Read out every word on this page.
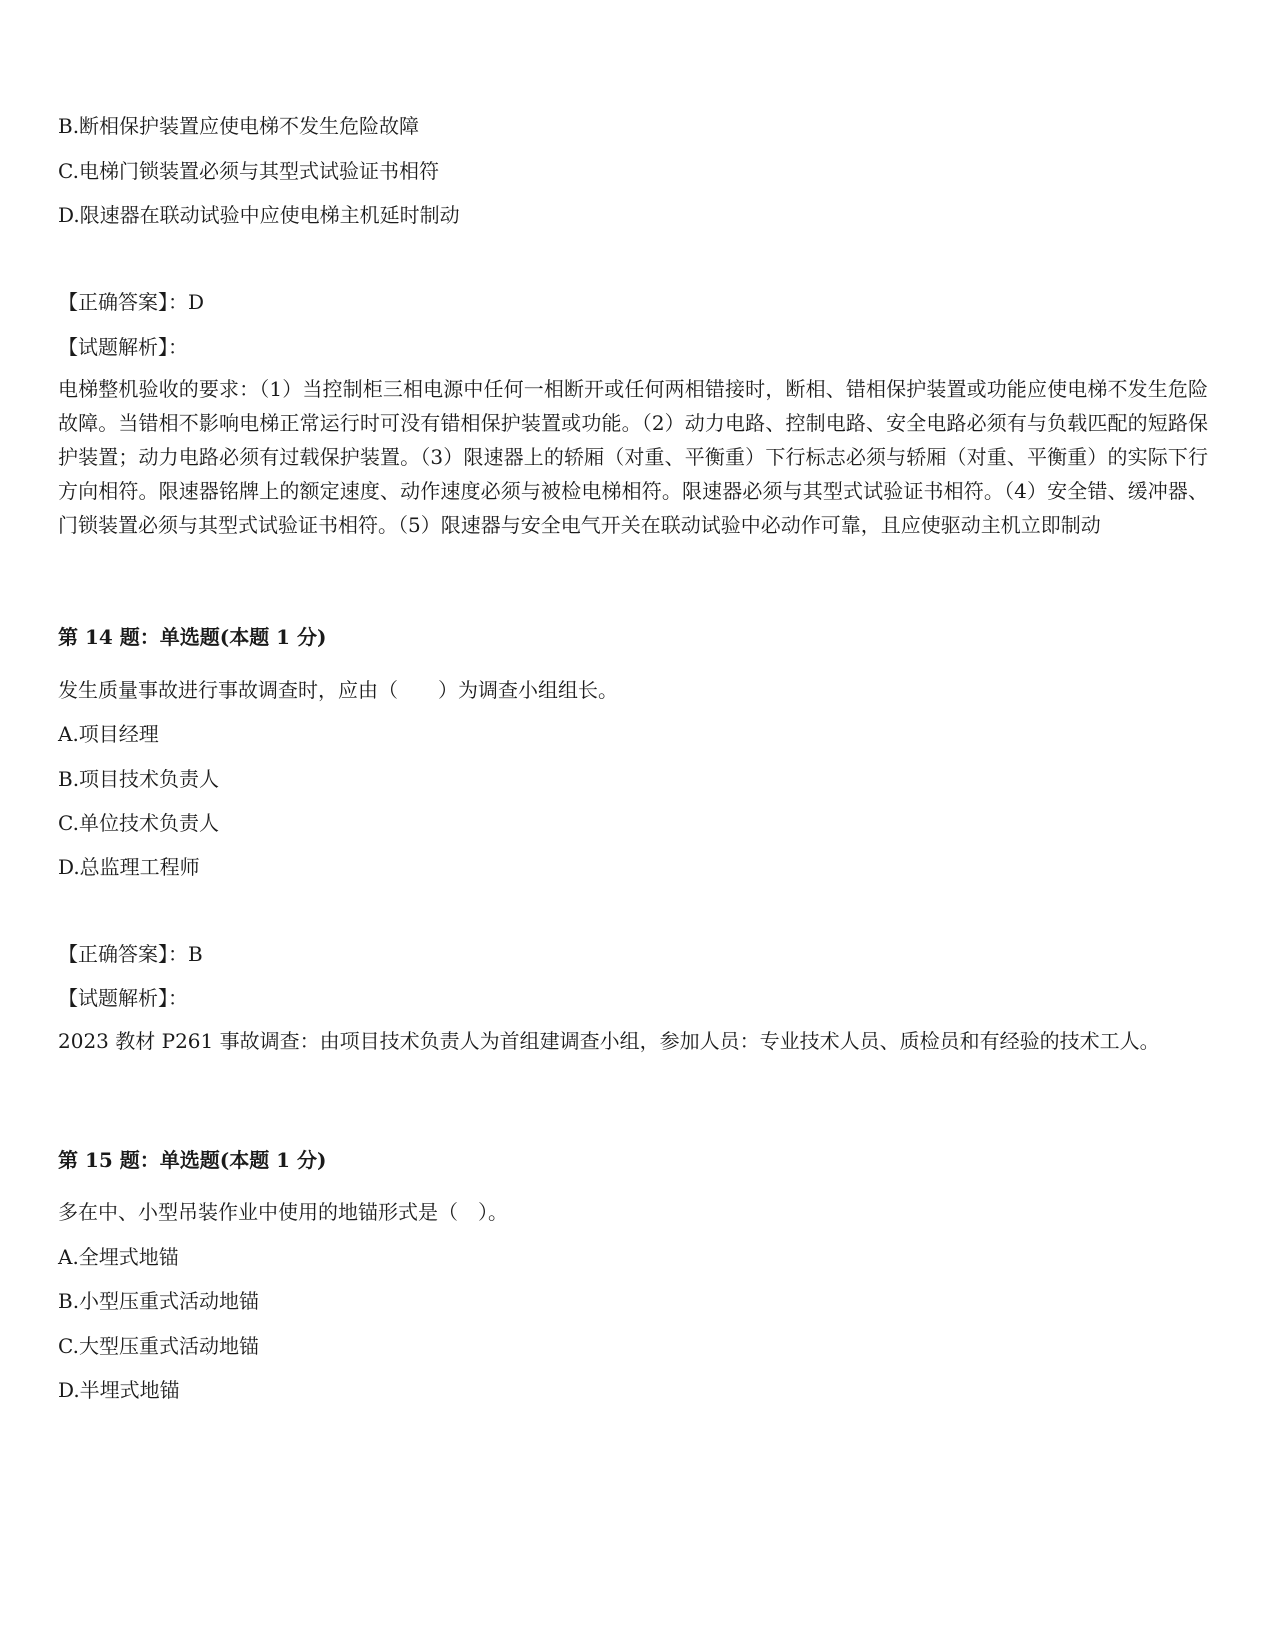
B.断相保护装置应使电梯不发生危险故障
C.电梯门锁装置必须与其型式试验证书相符
D.限速器在联动试验中应使电梯主机延时制动
【正确答案】：D
【试题解析】：
电梯整机验收的要求：（1）当控制柜三相电源中任何一相断开或任何两相错接时，断相、错相保护装置或功能应使电梯不发生危险故障。当错相不影响电梯正常运行时可没有错相保护装置或功能。（2）动力电路、控制电路、安全电路必须有与负载匹配的短路保护装置；动力电路必须有过载保护装置。（3）限速器上的轿厢（对重、平衡重）下行标志必须与轿厢（对重、平衡重）的实际下行方向相符。限速器铭牌上的额定速度、动作速度必须与被检电梯相符。限速器必须与其型式试验证书相符。（4）安全错、缓冲器、门锁装置必须与其型式试验证书相符。（5）限速器与安全电气开关在联动试验中必动作可靠，且应使驱动主机立即制动
第 14 题：单选题(本题 1 分)
发生质量事故进行事故调查时，应由（　　）为调查小组组长。
A.项目经理
B.项目技术负责人
C.单位技术负责人
D.总监理工程师
【正确答案】：B
【试题解析】：
2023 教材 P261 事故调查：由项目技术负责人为首组建调查小组，参加人员：专业技术人员、质检员和有经验的技术工人。
第 15 题：单选题(本题 1 分)
多在中、小型吊装作业中使用的地锚形式是（　）。
A.全埋式地锚
B.小型压重式活动地锚
C.大型压重式活动地锚
D.半埋式地锚
